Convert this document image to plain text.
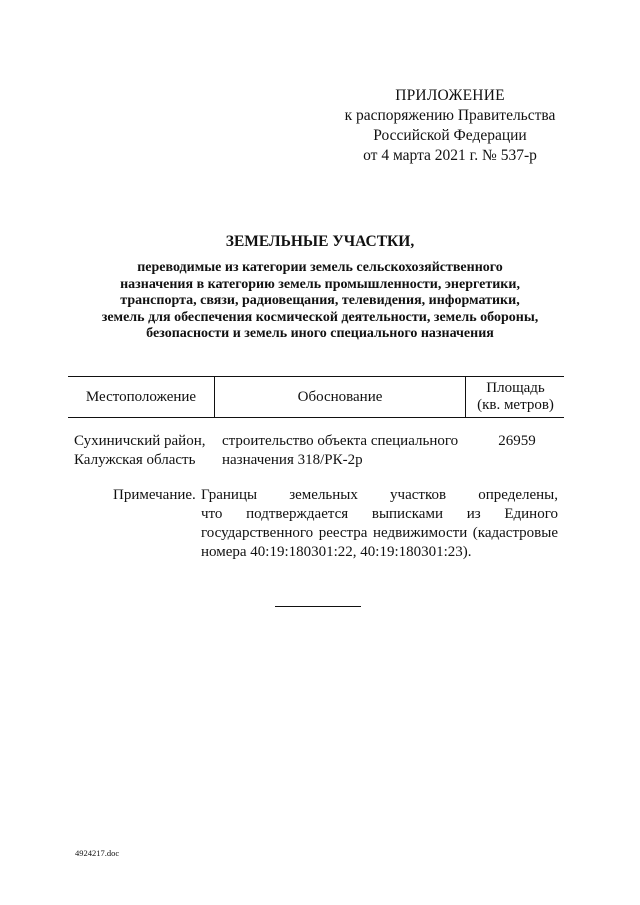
ПРИЛОЖЕНИЕ
к распоряжению Правительства
Российской Федерации
от 4 марта 2021 г. № 537-р
ЗЕМЕЛЬНЫЕ УЧАСТКИ,
переводимые из категории земель сельскохозяйственного
назначения в категорию земель промышленности, энергетики,
транспорта, связи, радиовещания, телевидения, информатики,
земель для обеспечения космической деятельности, земель обороны,
безопасности и земель иного специального назначения
Местоположение	Обоснование
Площадь
(кв. метров)
Сухиничский район,
Калужская область
строительство объекта специального
назначения 318/РК-2р
26959
Примечание. Границы земельных участков определены,
что подтверждается выписками из Единого
государственного реестра недвижимости (кадастровые
номера 40:19:180301:22, 40:19:180301:23).
4924217.doc
